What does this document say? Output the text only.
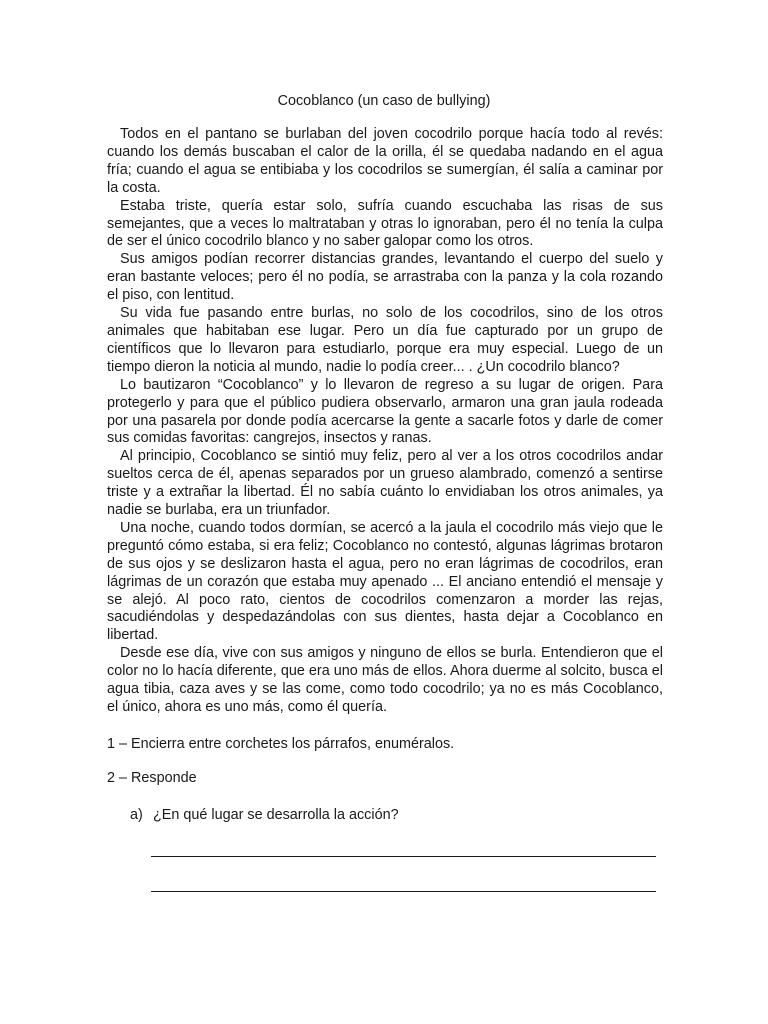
Cocoblanco (un caso de bullying)

Todos en el pantano se burlaban del joven cocodrilo porque hacía todo al revés: cuando los demás buscaban el calor de la orilla, él se quedaba nadando en el agua fría; cuando el agua se entibiaba y los cocodrilos se sumergían, él salía a caminar por la costa.

Estaba triste, quería estar solo, sufría cuando escuchaba las risas de sus semejantes, que a veces lo maltrataban y otras lo ignoraban, pero él no tenía la culpa de ser el único cocodrilo blanco y no saber galopar como los otros.

Sus amigos podían recorrer distancias grandes, levantando el cuerpo del suelo y eran bastante veloces; pero él no podía, se arrastraba con la panza y la cola rozando el piso, con lentitud.

Su vida fue pasando entre burlas, no solo de los cocodrilos, sino de los otros animales que habitaban ese lugar. Pero un día fue capturado por un grupo de científicos que lo llevaron para estudiarlo, porque era muy especial. Luego de un tiempo dieron la noticia al mundo, nadie lo podía creer... . ¿Un cocodrilo blanco?

Lo bautizaron “Cocoblanco” y lo llevaron de regreso a su lugar de origen. Para protegerlo y para que el público pudiera observarlo, armaron una gran jaula rodeada por una pasarela por donde podía acercarse la gente a sacarle fotos y darle de comer sus comidas favoritas: cangrejos, insectos y ranas.

Al principio, Cocoblanco se sintió muy feliz, pero al ver a los otros cocodrilos andar sueltos cerca de él, apenas separados por un grueso alambrado, comenzó a sentirse triste y a extrañar la libertad. Él no sabía cuánto lo envidiaban los otros animales, ya nadie se burlaba, era un triunfador.

Una noche, cuando todos dormían, se acercó a la jaula el cocodrilo más viejo que le preguntó cómo estaba, si era feliz; Cocoblanco no contestó, algunas lágrimas brotaron de sus ojos y se deslizaron hasta el agua, pero no eran lágrimas de cocodrilos, eran lágrimas de un corazón que estaba muy apenado ... El anciano entendió el mensaje y se alejó. Al poco rato, cientos de cocodrilos comenzaron a morder las rejas, sacudiéndolas y despedazándolas con sus dientes, hasta dejar a Cocoblanco en libertad.

Desde ese día, vive con sus amigos y ninguno de ellos se burla. Entendieron que el color no lo hacía diferente, que era uno más de ellos. Ahora duerme al solcito, busca el agua tibia, caza aves y se las come, como todo cocodrilo; ya no es más Cocoblanco, el único, ahora es uno más, como él quería.

1 – Encierra entre corchetes los párrafos, enuméralos.
2 – Responde
a) ¿En qué lugar se desarrolla la acción?
